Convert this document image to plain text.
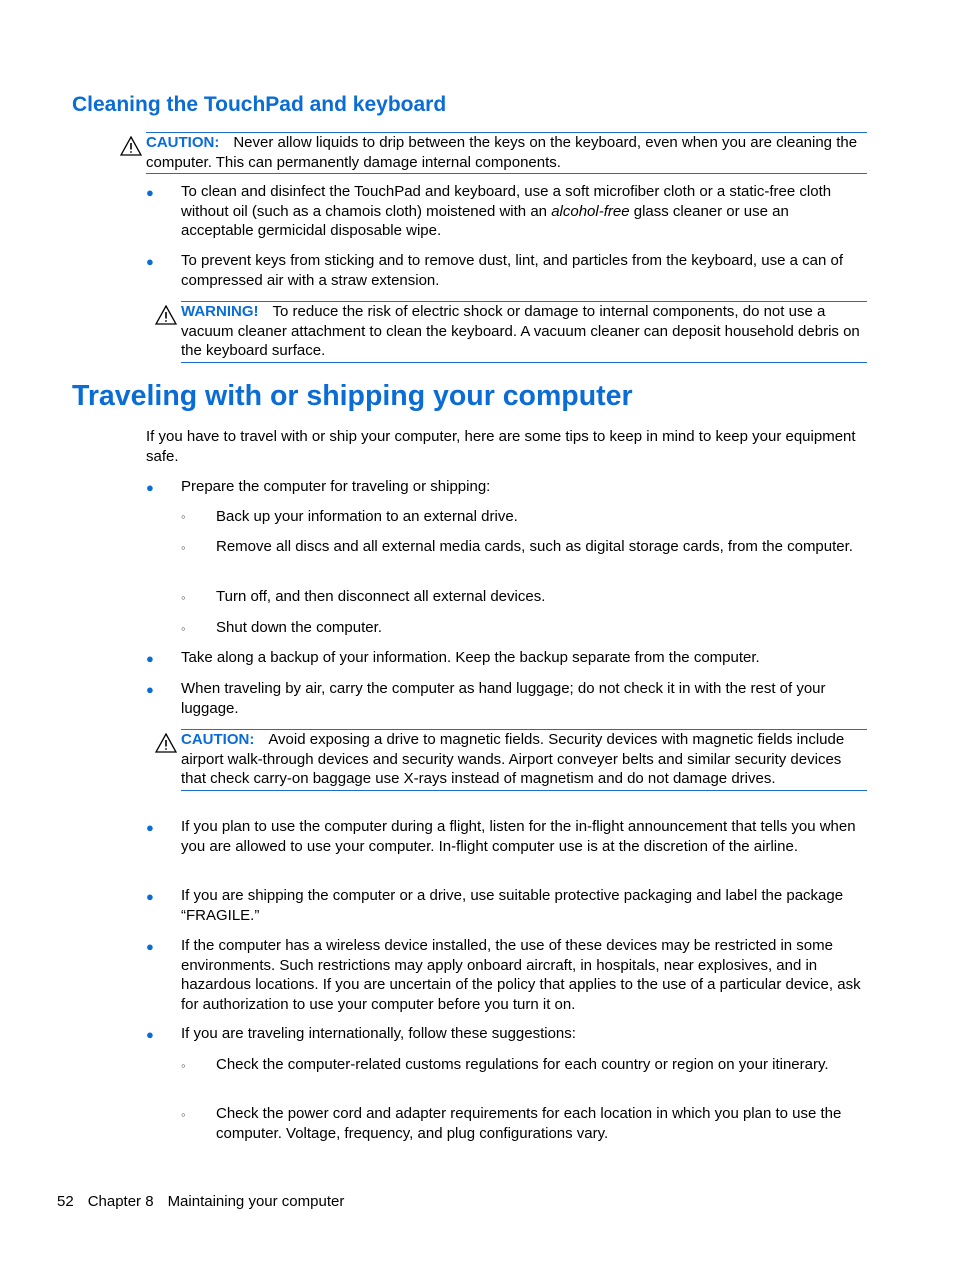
Cleaning the TouchPad and keyboard
CAUTION: Never allow liquids to drip between the keys on the keyboard, even when you are cleaning the computer. This can permanently damage internal components.
● To clean and disinfect the TouchPad and keyboard, use a soft microfiber cloth or a static-free cloth without oil (such as a chamois cloth) moistened with an alcohol-free glass cleaner or use an acceptable germicidal disposable wipe.

● To prevent keys from sticking and to remove dust, lint, and particles from the keyboard, use a can of compressed air with a straw extension.

WARNING! To reduce the risk of electric shock or damage to internal components, do not use a vacuum cleaner attachment to clean the keyboard. A vacuum cleaner can deposit household debris on the keyboard surface.
Traveling with or shipping your computer

If you have to travel with or ship your computer, here are some tips to keep in mind to keep your equipment safe.

● Prepare the computer for traveling or shipping:

◦ Back up your information to an external drive.

◦ Remove all discs and all external media cards, such as digital storage cards, from the computer.

◦ Turn off, and then disconnect all external devices.

◦ Shut down the computer.

● Take along a backup of your information. Keep the backup separate from the computer.

● When traveling by air, carry the computer as hand luggage; do not check it in with the rest of your luggage.

CAUTION: Avoid exposing a drive to magnetic fields. Security devices with magnetic fields include airport walk-through devices and security wands. Airport conveyer belts and similar security devices that check carry-on baggage use X-rays instead of magnetism and do not damage drives.
● If you plan to use the computer during a flight, listen for the in-flight announcement that tells you when you are allowed to use your computer. In-flight computer use is at the discretion of the airline.

● If you are shipping the computer or a drive, use suitable protective packaging and label the package “FRAGILE.”

● If the computer has a wireless device installed, the use of these devices may be restricted in some environments. Such restrictions may apply onboard aircraft, in hospitals, near explosives, and in hazardous locations. If you are uncertain of the policy that applies to the use of a particular device, ask for authorization to use your computer before you turn it on.

● If you are traveling internationally, follow these suggestions:

◦ Check the computer-related customs regulations for each country or region on your itinerary.

◦ Check the power cord and adapter requirements for each location in which you plan to use the computer. Voltage, frequency, and plug configurations vary.

52 Chapter 8 Maintaining your computer
